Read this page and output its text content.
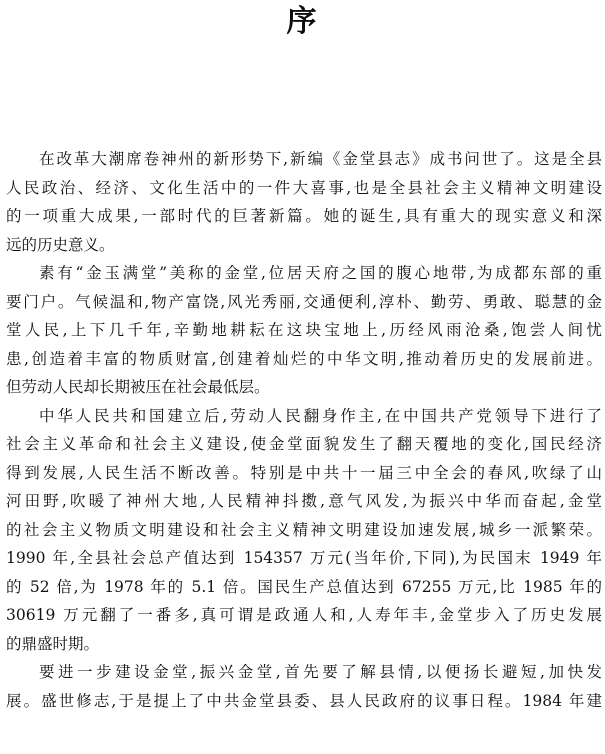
序
在改革大潮席卷神州的新形势下,新编《金堂县志》成书问世了。这是全县
人民政治、经济、文化生活中的一件大喜事,也是全县社会主义精神文明建设
的一项重大成果,一部时代的巨著新篇。她的诞生,具有重大的现实意义和深
远的历史意义。
素有“金玉满堂”美称的金堂,位居天府之国的腹心地带,为成都东部的重
要门户。气候温和,物产富饶,风光秀丽,交通便利,淳朴、勤劳、勇敢、聪慧的金
堂人民,上下几千年,辛勤地耕耘在这块宝地上,历经风雨沧桑,饱尝人间忧
患,创造着丰富的物质财富,创建着灿烂的中华文明,推动着历史的发展前进。
但劳动人民却长期被压在社会最低层。
中华人民共和国建立后,劳动人民翻身作主,在中国共产党领导下进行了
社会主义革命和社会主义建设,使金堂面貌发生了翻天覆地的变化,国民经济
得到发展,人民生活不断改善。特别是中共十一届三中全会的春风,吹绿了山
河田野,吹暖了神州大地,人民精神抖擞,意气风发,为振兴中华而奋起,金堂
的社会主义物质文明建设和社会主义精神文明建设加速发展,城乡一派繁荣。
1990 年,全县社会总产值达到 154357 万元(当年价,下同),为民国末 1949 年
的 52 倍,为 1978 年的 5.1 倍。国民生产总值达到 67255 万元,比 1985 年的
30619 万元翻了一番多,真可谓是政通人和,人寿年丰,金堂步入了历史发展
的鼎盛时期。
要进一步建设金堂,振兴金堂,首先要了解县情,以便扬长避短,加快发
展。盛世修志,于是提上了中共金堂县委、县人民政府的议事日程。1984 年建
